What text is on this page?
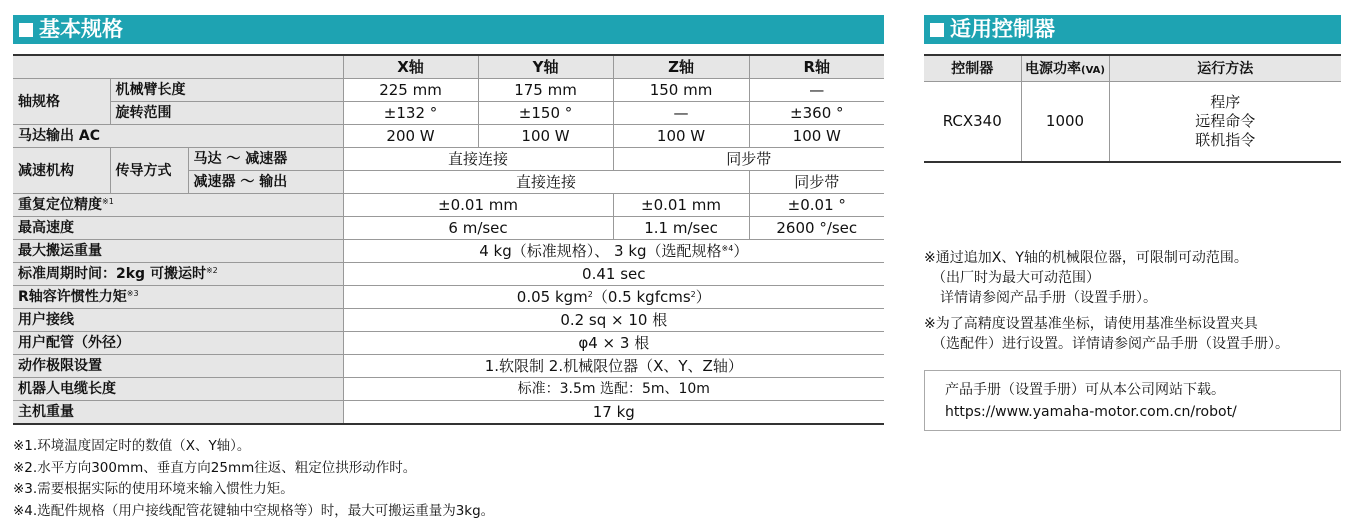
基本规格
			X轴	Y轴	Z轴	R轴
轴规格	机械臂长度		225 mm	175 mm	150 mm	—
	旋转范围		±132 °	±150 °	—	±360 °
马达输出 AC			200 W	100 W	100 W	100 W
减速机构	传导方式	马达 ～ 减速器	直接连接		同步带	
		减速器 ～ 输出	直接连接			同步带
重复定位精度$^{※1}$			±0.01 mm		±0.01 mm	±0.01 °
最高速度			6 m/sec		1.1 m/sec	2600 °/sec
最大搬运重量			4 kg（标准规格）、 3 kg（选配规格$^{※4}$）			
标准周期时间：2kg 可搬运时$^{※2}$			0.41 sec			
R轴容许惯性力矩$^{※3}$			0.05 kgm$^2$（0.5 kgfcms$^2$）			
用户接线			0.2 sq × 10 根			
用户配管（外径）			φ4 × 3 根			
动作极限设置			1.软限制 2.机械限位器（X、Y、Z轴）			
机器人电缆长度			标准：3.5m 选配：5m、10m			
主机重量			17 kg			
※1.环境温度固定时的数值（X、Y轴）。
※2.水平方向300mm、垂直方向25mm往返、粗定位拱形动作时。
※3.需要根据实际的使用环境来输入惯性力矩。
※4.选配件规格（用户接线配管花键轴中空规格等）时，最大可搬运重量为3kg。
适用控制器
控制器	电源功率(VA)	运行方法
RCX340	1000	程序
远程命令
联机指令
※通过追加X、Y轴的机械限位器，可限制可动范围。
（出厂时为最大可动范围）
详情请参阅产品手册（设置手册）。
※为了高精度设置基准坐标，请使用基准坐标设置夹具
（选配件）进行设置。详情请参阅产品手册（设置手册）。
产品手册（设置手册）可从本公司网站下载。
https://www.yamaha-motor.com.cn/robot/
